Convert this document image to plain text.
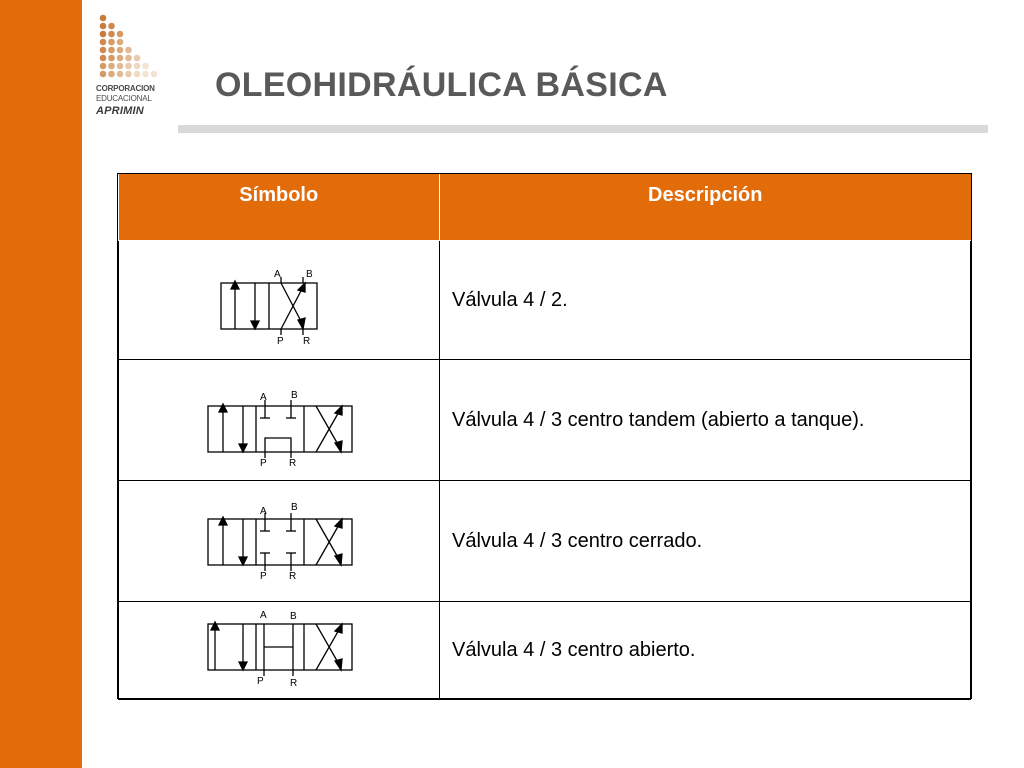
CORPORACION
EDUCACIONAL
APRIMIN
OLEOHIDRÁULICA BÁSICA
Símbolo	Descripción

A B
P R	Válvula 4 / 2.

A B
P R	Válvula 4 / 3 centro tandem (abierto a tanque).

A B
P R	Válvula 4 / 3 centro cerrado.

A B
P R	Válvula 4 / 3 centro abierto.
